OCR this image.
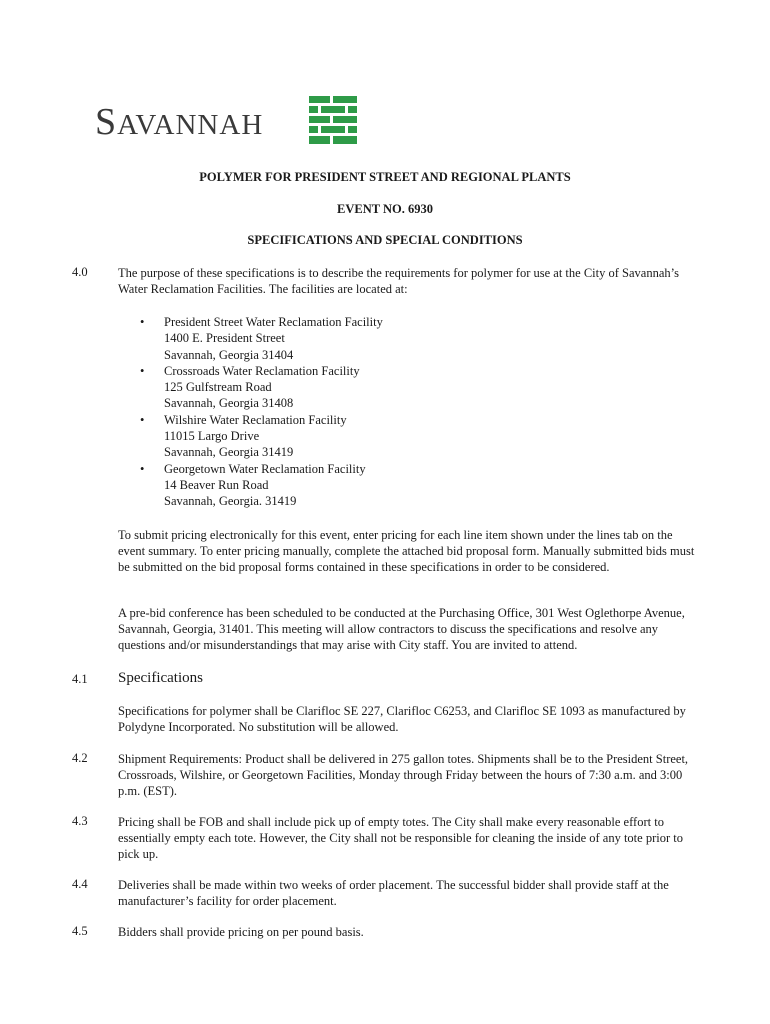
SAVANNAH
POLYMER FOR PRESIDENT STREET AND REGIONAL PLANTS
EVENT NO. 6930
SPECIFICATIONS AND SPECIAL CONDITIONS
4.0 The purpose of these specifications is to describe the requirements for polymer for use at the City of Savannah’s Water Reclamation Facilities. The facilities are located at:
• President Street Water Reclamation Facility
1400 E. President Street
Savannah, Georgia 31404
• Crossroads Water Reclamation Facility
125 Gulfstream Road
Savannah, Georgia 31408
• Wilshire Water Reclamation Facility
11015 Largo Drive
Savannah, Georgia 31419
• Georgetown Water Reclamation Facility
14 Beaver Run Road
Savannah, Georgia. 31419
To submit pricing electronically for this event, enter pricing for each line item shown under the lines tab on the event summary. To enter pricing manually, complete the attached bid proposal form. Manually submitted bids must be submitted on the bid proposal forms contained in these specifications in order to be considered.
A pre-bid conference has been scheduled to be conducted at the Purchasing Office, 301 West Oglethorpe Avenue, Savannah, Georgia, 31401. This meeting will allow contractors to discuss the specifications and resolve any questions and/or misunderstandings that may arise with City staff. You are invited to attend.
4.1 Specifications
Specifications for polymer shall be Clarifloc SE 227, Clarifloc C6253, and Clarifloc SE 1093 as manufactured by Polydyne Incorporated. No substitution will be allowed.
4.2 Shipment Requirements: Product shall be delivered in 275 gallon totes. Shipments shall be to the President Street, Crossroads, Wilshire, or Georgetown Facilities, Monday through Friday between the hours of 7:30 a.m. and 3:00 p.m. (EST).
4.3 Pricing shall be FOB and shall include pick up of empty totes. The City shall make every reasonable effort to essentially empty each tote. However, the City shall not be responsible for cleaning the inside of any tote prior to pick up.
4.4 Deliveries shall be made within two weeks of order placement. The successful bidder shall provide staff at the manufacturer’s facility for order placement.
4.5 Bidders shall provide pricing on per pound basis.
